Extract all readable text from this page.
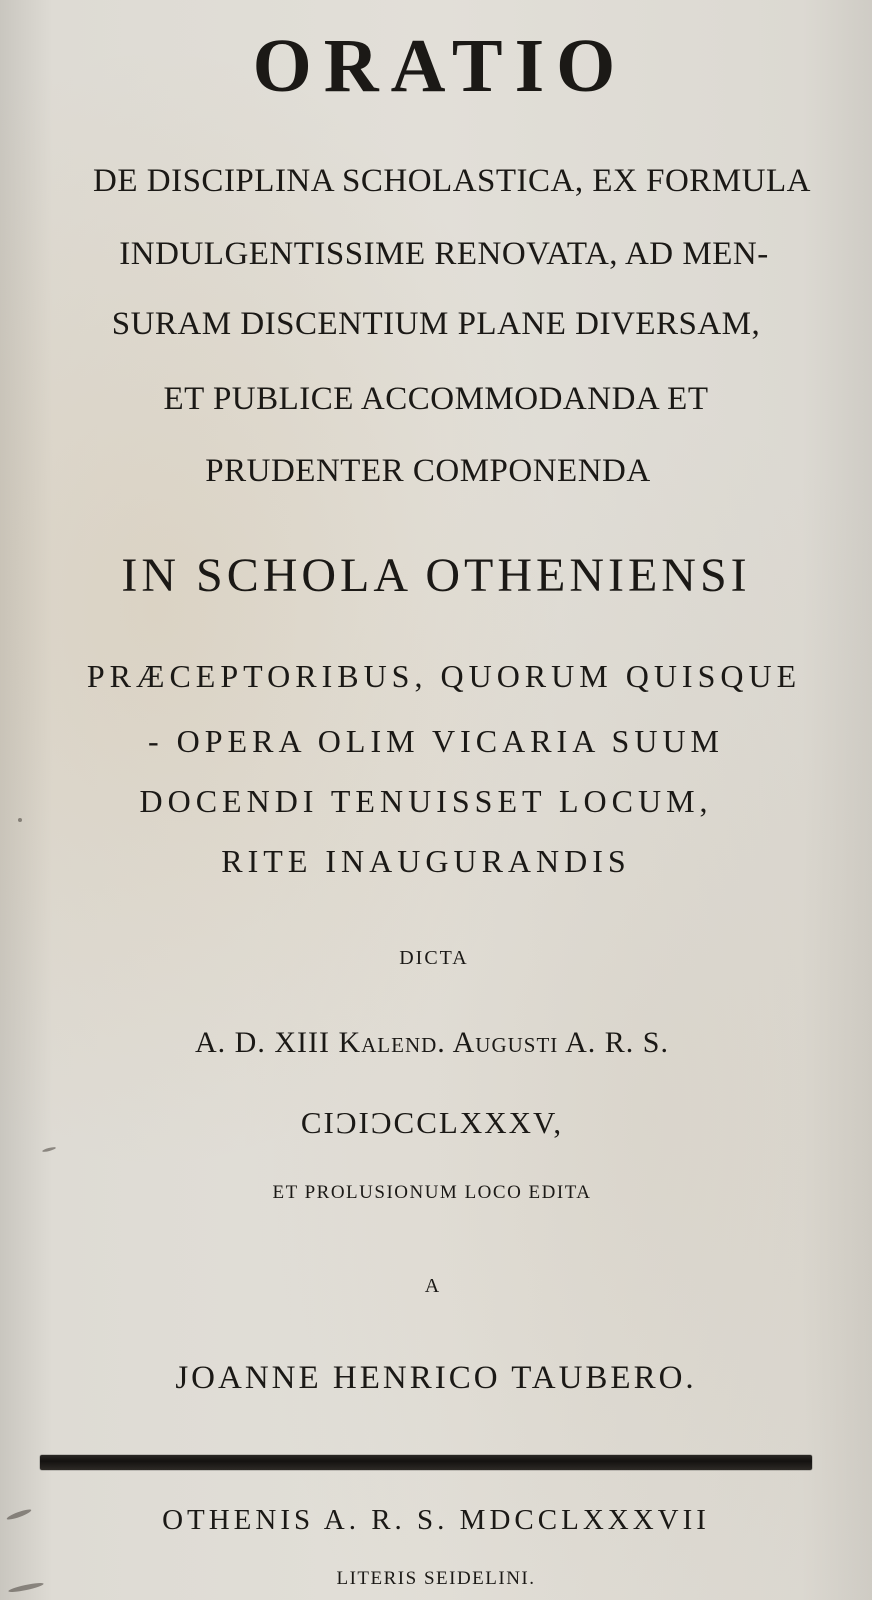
ORATIO
DE DISCIPLINA SCHOLASTICA, EX FORMULA
INDULGENTISSIME RENOVATA, AD MEN-
SURAM DISCENTIUM PLANE DIVERSAM,
ET PUBLICE ACCOMMODANDA ET
PRUDENTER COMPONENDA
IN SCHOLA OTHENIENSI
PRÆCEPTORIBUS, QUORUM QUISQUE
- OPERA OLIM VICARIA SUUM
DOCENDI TENUISSET LOCUM,
RITE INAUGURANDIS
DICTA
A. D. XIII Kalend. Augusti A. R. S.
CIϽIϽCCLXXXV,
ET PROLUSIONUM LOCO EDITA
A
JOANNE HENRICO TAUBERO.
OTHENIS A. R. S. MDCCLXXXVII
LITERIS SEIDELINI.
